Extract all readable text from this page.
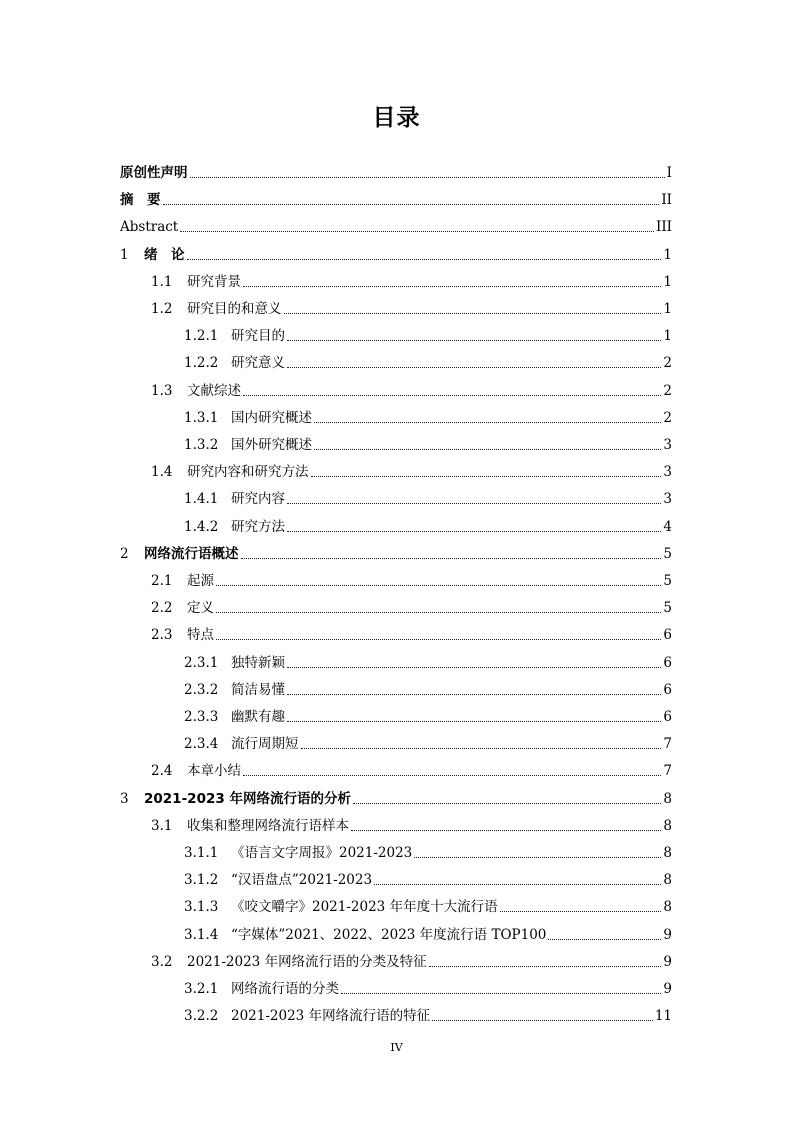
目录
原创性声明	I
摘　要	II
Abstract	III
1	绪　论	1
1.1	研究背景	1
1.2	研究目的和意义	1
1.2.1 研究目的	1
1.2.2 研究意义	2
1.3	文献综述	2
1.3.1 国内研究概述	2
1.3.2 国外研究概述	3
1.4	研究内容和研究方法	3
1.4.1 研究内容	3
1.4.2 研究方法	4
2	网络流行语概述	5
2.1	起源	5
2.2	定义	5
2.3	特点	6
2.3.1 独特新颖	6
2.3.2 简洁易懂	6
2.3.3 幽默有趣	6
2.3.4 流行周期短	7
2.4	本章小结	7
3	2021-2023 年网络流行语的分析	8
3.1	收集和整理网络流行语样本	8
3.1.1 《语言文字周报》2021-2023	8
3.1.2 “汉语盘点”2021-2023	8
3.1.3 《咬文嚼字》2021-2023 年年度十大流行语	8
3.1.4 “字媒体”2021、2022、2023 年度流行语 TOP100	9
3.2	2021-2023 年网络流行语的分类及特征	9
3.2.1 网络流行语的分类	9
3.2.2 2021-2023 年网络流行语的特征	11
IV
